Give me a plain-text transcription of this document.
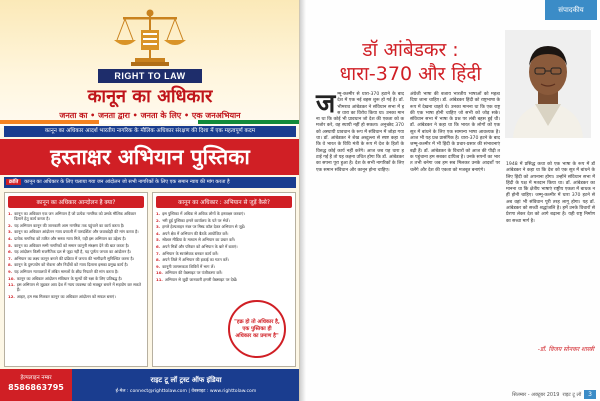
RIGHT TO LAW
कानून का अधिकार
जनता का • जनता द्वारा • जनता के लिए • एक जनअभियान
कानून का अधिकार आदर्श भारतीय नागरिक के मौलिक अधिकार संरक्षण की दिशा में एक महत्वपूर्ण कदम
हस्ताक्षर अभियान पुस्तिका
क्रांति कानून का अधिकार के लिए चलाया गया जन आंदोलन जो सभी नागरिकों के लिए एक समान न्याय की मांग करता है
कानून का अधिकार आन्दोलन है क्या?
1. कानून का अधिकार एक जन अभियान है जो प्रत्येक नागरिक को उसके मौलिक अधिकार दिलाने हेतु कार्य करता है।
2. यह अभियान कानून की जानकारी आम नागरिक तक पहुंचाने का कार्य करता है।
3. कानून का अधिकार आंदोलन न्याय प्रणाली में पारदर्शिता और जवाबदेही की मांग करता है।
4. प्रत्येक नागरिक को त्वरित और सस्ता न्याय मिले, यही इस अभियान का उद्देश्य है।
5. कानून का अधिकार सभी नागरिकों को समान कानूनी संरक्षण देने की बात करता है।
6. यह आंदोलन किसी राजनैतिक दल से जुड़ा नहीं है, यह पूर्णतः जनता का आंदोलन है।
7. अभियान का लक्ष्य कानून बनाने की प्रक्रिया में जनता की भागीदारी सुनिश्चित करना है।
8. कानून के दुरुपयोग को रोकना और निर्दोषों को न्याय दिलाना इसका प्रमुख कार्य है।
9. यह अभियान न्यायालयों में लंबित मामलों के शीघ्र निपटारे की मांग करता है।
10. कानून का अधिकार आंदोलन संविधान के मूल्यों की रक्षा के लिए प्रतिबद्ध है।
11. इस अभियान से जुड़कर आप देश में न्याय व्यवस्था को मजबूत बनाने में सहयोग कर सकते हैं।
12. आइए, हम सब मिलकर कानून का अधिकार आंदोलन को सफल बनाएं।
कानून का अधिकार : अभियान से जुड़ें कैसे?
1. इस पुस्तिका में अधिक से अधिक लोगों के हस्ताक्षर करवाएं।
2. भरी हुई पुस्तिका हमारे कार्यालय के पते पर भेजें।
3. हमारे हेल्पलाइन नंबर पर मिस्ड कॉल देकर अभियान से जुड़ें।
4. अपने क्षेत्र में अभियान की बैठकें आयोजित करें।
5. सोशल मीडिया के माध्यम से अभियान का प्रचार करें।
6. अपने मित्रों और परिवार को अभियान के बारे में बताएं।
7. अभियान के स्वयंसेवक बनकर कार्य करें।
8. अपने जिले में अभियान की इकाई का गठन करें।
9. कानूनी जागरूकता शिविरों में भाग लें।
10. अभियान की वेबसाइट पर पंजीकरण करें।
11. अभियान से जुड़ी जानकारी हमारी वेबसाइट पर देखें।
"हक़ हो तो अधिकार है, एक पुस्तिका ही अधिकार का प्रमाण है"
हेल्पलाइन नम्बर
8586863795
राइट टू लॉ ट्रस्ट ऑफ इंडिया
ई-मेल : connect@righttolaw.com | वेबसाइट : www.righttolaw.com
संपादकीय
डॉ आंबेडकर :
धारा-370 और हिंदी
जम्मू-कश्मीर से धारा-370 हटाने के बाद देश में एक नई बहस शुरू हो गई है। डॉ. भीमराव आंबेडकर ने संविधान सभा में इस धारा का विरोध किया था। उनका मानना था कि कोई भी प्रावधान जो देश की एकता को कमजोर करे, वह स्थायी नहीं हो सकता। अनुच्छेद 370 को अस्थायी प्रावधान के रूप में संविधान में जोड़ा गया था। डॉ. आंबेडकर ने शेख अब्दुल्ला से स्पष्ट कहा था कि वे भारत के विधि मंत्री के रूप में देश के हितों के विरुद्ध कोई कार्य नहीं करेंगे। आज जब यह धारा हटाई गई है तो यह कहना उचित होगा कि डॉ. आंबेडकर का सपना पूरा हुआ है। देश के सभी नागरिकों के लिए एक समान संविधान और कानून होना चाहिए।
अंग्रेजी भाषा की बजाय भारतीय भाषाओं को महत्व दिया जाना चाहिए। डॉ. आंबेडकर हिंदी को राष्ट्रभाषा के रूप में देखना चाहते थे। उनका मानना था कि एक राष्ट्र की एक भाषा होनी चाहिए जो सभी को जोड़ सके। संविधान सभा में भाषा के प्रश्न पर लंबी बहस हुई थी। डॉ. आंबेडकर ने कहा था कि भारत के लोगों को एक सूत्र में बांधने के लिए एक सामान्य भाषा आवश्यक है। आज भी यह प्रश्न प्रासंगिक है। धारा-370 हटने के बाद जम्मू-कश्मीर में भी हिंदी के प्रचार-प्रसार की संभावनाएं बढ़ी हैं। डॉ. आंबेडकर के विचारों को आज की पीढ़ी तक पहुंचाना हम सबका दायित्व है। उनके सपनों का भारत तभी बनेगा जब हम सब मिलकर उनके आदर्शों पर चलेंगे और देश की एकता को मजबूत बनाएंगे।
1948 में प्रसिद्ध कथा को एक भाषा के रूप में डॉ आंबेडकर ने कहा था कि देश को एक सूत्र में बांधने के लिए हिंदी को अपनाना होगा। उन्होंने संविधान सभा में हिंदी के पक्ष में मतदान किया था। डॉ. आंबेडकर का मानना था कि क्षेत्रीय भाषाएं राष्ट्रीय एकता में बाधक नहीं होनी चाहिए। जम्मू-कश्मीर में धारा 370 हटने से अब वहां भी संविधान पूरी तरह लागू होगा। यह डॉ. आंबेडकर को सच्ची श्रद्धांजलि है। हमें उनके विचारों से प्रेरणा लेकर देश को आगे बढ़ाना है। यही राष्ट्र निर्माण का सच्चा मार्ग है।
-डॉ. विजय सोनकर शास्त्री
सितम्बर - अक्टूबर 2019 राइट टू लॉ	3
